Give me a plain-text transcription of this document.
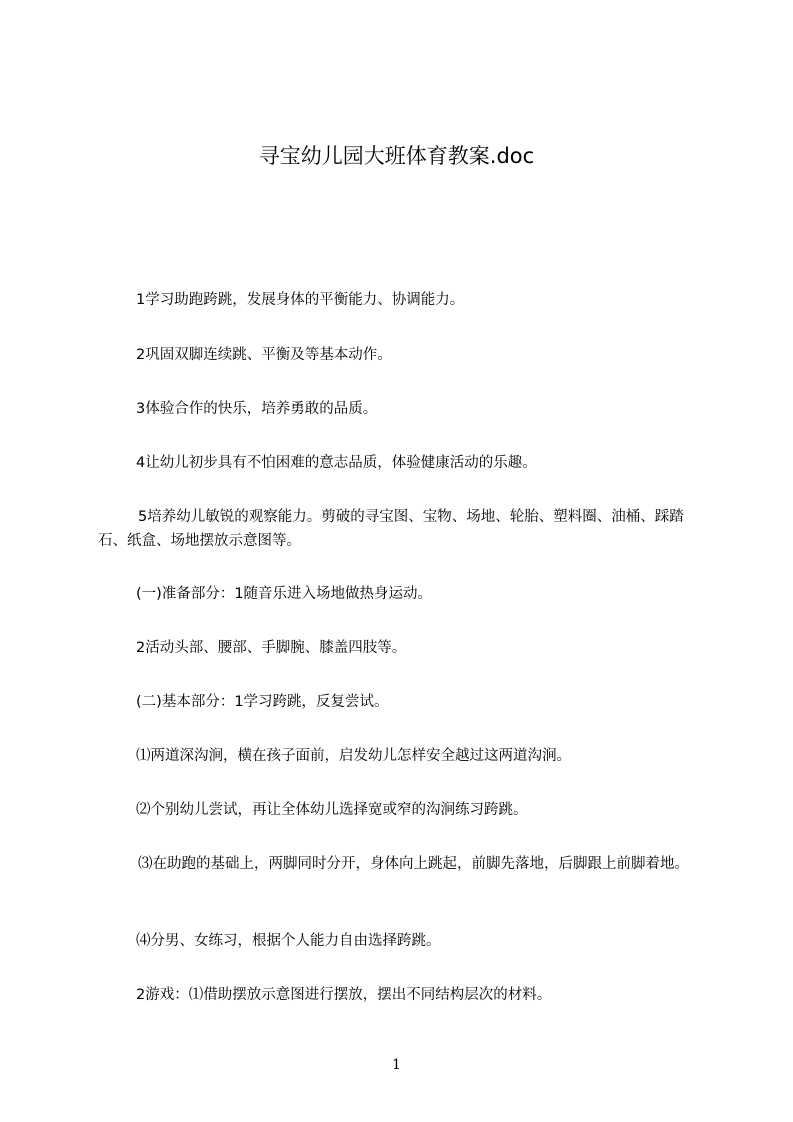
寻宝幼儿园大班体育教案.doc
1学习助跑跨跳，发展身体的平衡能力、协调能力。
2巩固双脚连续跳、平衡及等基本动作。
3体验合作的快乐，培养勇敢的品质。
4让幼儿初步具有不怕困难的意志品质，体验健康活动的乐趣。
5培养幼儿敏锐的观察能力。剪破的寻宝图、宝物、场地、轮胎、塑料圈、油桶、踩踏石、纸盒、场地摆放示意图等。
(一)准备部分：1随音乐进入场地做热身运动。
2活动头部、腰部、手脚腕、膝盖四肢等。
(二)基本部分：1学习跨跳，反复尝试。
⑴两道深沟涧，横在孩子面前，启发幼儿怎样安全越过这两道沟涧。
⑵个别幼儿尝试，再让全体幼儿选择宽或窄的沟涧练习跨跳。
⑶在助跑的基础上，两脚同时分开，身体向上跳起，前脚先落地，后脚跟上前脚着地。
⑷分男、女练习，根据个人能力自由选择跨跳。
2游戏：⑴借助摆放示意图进行摆放，摆出不同结构层次的材料。
1
